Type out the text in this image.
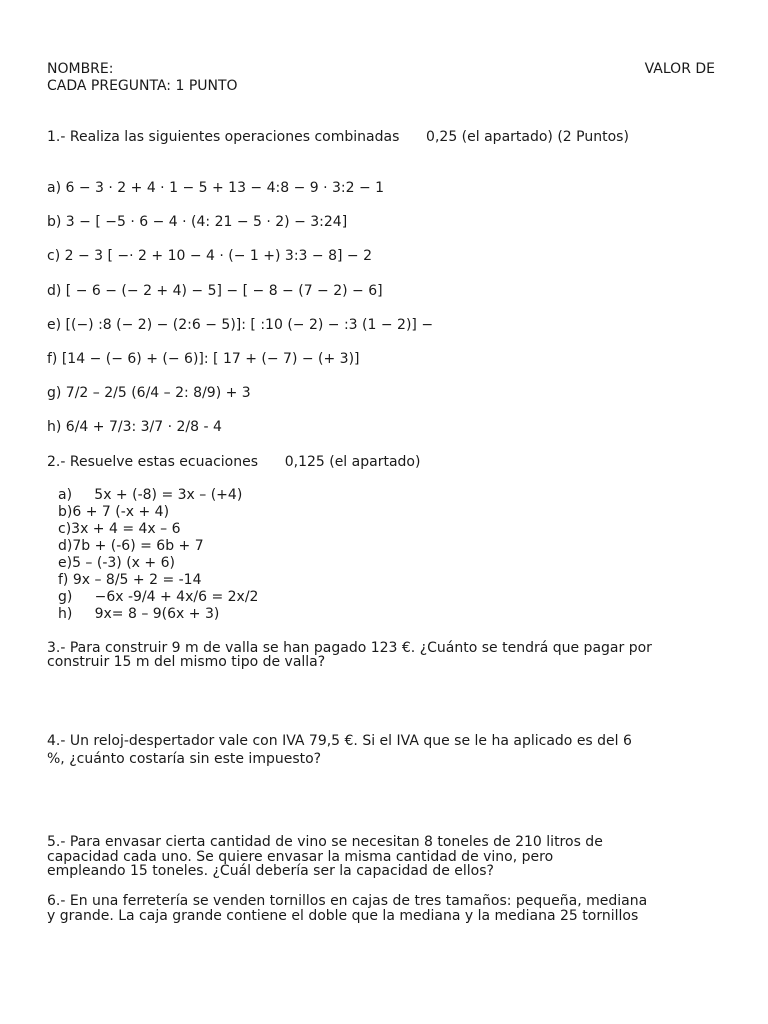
NOMBRE:	VALOR DE
CADA PREGUNTA: 1 PUNTO
1.- Realiza las siguientes operaciones combinadas      0,25 (el apartado) (2 Puntos)
a) 6 − 3 · 2 + 4 · 1 − 5 + 13 − 4:8 − 9 · 3:2 − 1
b) 3 − [ −5 · 6 − 4 · (4: 21 − 5 · 2) − 3:24]
c) 2 − 3 [ −· 2 + 10 − 4 · (− 1 +) 3:3 − 8] − 2
d) [ − 6 − (− 2 + 4) − 5] − [ − 8 − (7 − 2) − 6]
e) [(−) :8 (− 2) − (2:6 − 5)]: [ :10 (− 2) − :3 (1 − 2)] −
f) [14 − (− 6) + (− 6)]: [ 17 + (− 7) − (+ 3)]
g) 7/2 – 2/5 (6/4 – 2: 8/9) + 3
h) 6/4 + 7/3: 3/7 · 2/8 - 4
2.- Resuelve estas ecuaciones      0,125 (el apartado)
a)     5x + (-8) = 3x – (+4)
b)6 + 7 (-x + 4)
c)3x + 4 = 4x – 6
d)7b + (-6) = 6b + 7
e)5 – (-3) (x + 6)
f) 9x – 8/5 + 2 = -14
g)     −6x -9/4 + 4x/6 = 2x/2
h)     9x= 8 – 9(6x + 3)
3.- Para construir 9 m de valla se han pagado 123 €. ¿Cuánto se tendrá que pagar por
construir 15 m del mismo tipo de valla?
4.- Un reloj-despertador vale con IVA 79,5 €. Si el IVA que se le ha aplicado es del 6
%, ¿cuánto costaría sin este impuesto?
5.- Para envasar cierta cantidad de vino se necesitan 8 toneles de 210 litros de
capacidad cada uno. Se quiere envasar la misma cantidad de vino, pero
empleando 15 toneles. ¿Cuál debería ser la capacidad de ellos?
6.- En una ferretería se venden tornillos en cajas de tres tamaños: pequeña, mediana
y grande. La caja grande contiene el doble que la mediana y la mediana 25 tornillos
